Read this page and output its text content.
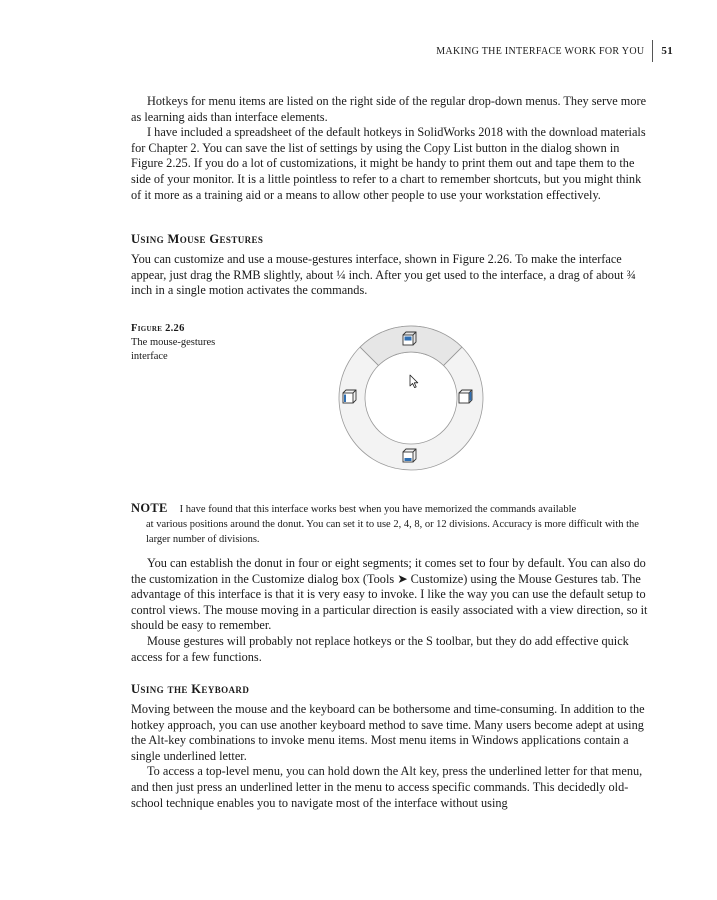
MAKING THE INTERFACE WORK FOR YOU	51

Hotkeys for menu items are listed on the right side of the regular drop-down menus. They serve more as learning aids than interface elements.

I have included a spreadsheet of the default hotkeys in SolidWorks 2018 with the download materials for Chapter 2. You can save the list of settings by using the Copy List button in the dialog shown in Figure 2.25. If you do a lot of customizations, it might be handy to print them out and tape them to the side of your monitor. It is a little pointless to refer to a chart to remember shortcuts, but you might think of it more as a training aid or a means to allow other people to use your workstation effectively.

Using Mouse Gestures

You can customize and use a mouse-gestures interface, shown in Figure 2.26. To make the interface appear, just drag the RMB slightly, about ¼ inch. After you get used to the interface, a drag of about ¾ inch in a single motion activates the commands.

Figure 2.26
The mouse-gestures interface
NOTE I have found that this interface works best when you have memorized the commands available

at various positions around the donut. You can set it to use 2, 4, 8, or 12 divisions. Accuracy is more difficult with the larger number of divisions.

You can establish the donut in four or eight segments; it comes set to four by default. You can also do the customization in the Customize dialog box (Tools ➤ Customize) using the Mouse Gestures tab. The advantage of this interface is that it is very easy to invoke. I like the way you can use the default setup to control views. The mouse moving in a particular direction is easily associated with a view direction, so it should be easy to remember.

Mouse gestures will probably not replace hotkeys or the S toolbar, but they do add effective quick access for a few functions.

Using the Keyboard

Moving between the mouse and the keyboard can be bothersome and time-consuming. In addition to the hotkey approach, you can use another keyboard method to save time. Many users become adept at using the Alt-key combinations to invoke menu items. Most menu items in Windows applications contain a single underlined letter.

To access a top-level menu, you can hold down the Alt key, press the underlined letter for that menu, and then just press an underlined letter in the menu to access specific commands. This decidedly old-school technique enables you to navigate most of the interface without using
